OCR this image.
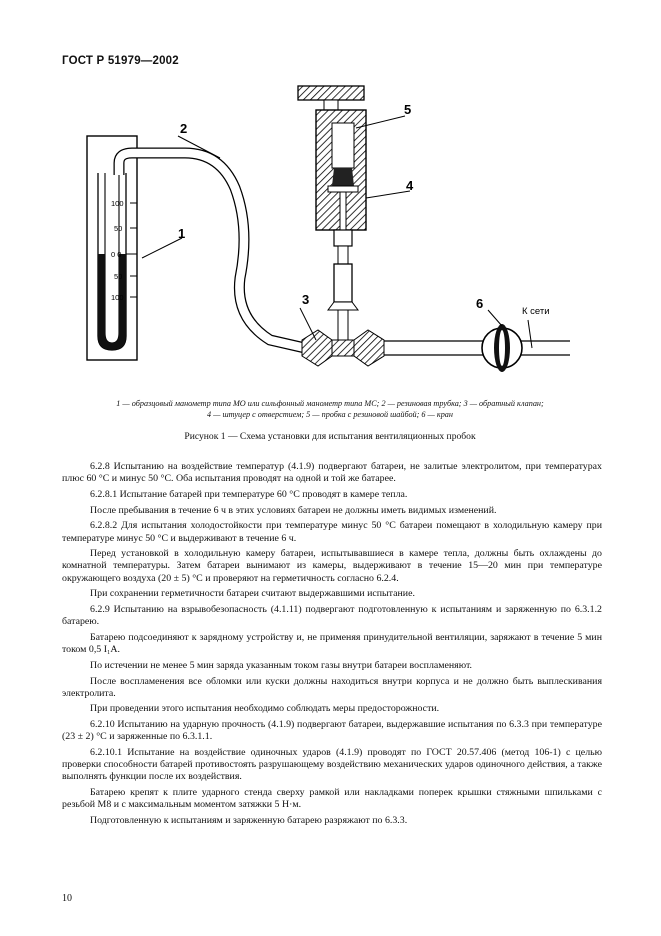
ГОСТ Р 51979—2002
100
50
0 0
50
100
1
2
3
4
5
6
К сети
1 — образцовый манометр типа МО или сильфонный манометр типа МС; 2 — резиновая трубка; 3 — обратный клапан;
4 — штуцер с отверстием; 5 — пробка с резиновой шайбой; 6 — кран
Рисунок 1 — Схема установки для испытания вентиляционных пробок

6.2.8 Испытанию на воздействие температур (4.1.9) подвергают батареи, не залитые электролитом, при температурах плюс 60 °С и минус 50 °С. Оба испытания проводят на одной и той же батарее.

6.2.8.1 Испытание батарей при температуре 60 °С проводят в камере тепла.

После пребывания в течение 6 ч в этих условиях батареи не должны иметь видимых изменений.

6.2.8.2 Для испытания холодостойкости при температуре минус 50 °С батареи помещают в холодильную камеру при температуре минус 50 °С и выдерживают в течение 6 ч.

Перед установкой в холодильную камеру батареи, испытывавшиеся в камере тепла, должны быть охлаждены до комнатной температуры. Затем батареи вынимают из камеры, выдерживают в течение 15—20 мин при температуре окружающего воздуха (20 ± 5) °С и проверяют на герметичность согласно 6.2.4.

При сохранении герметичности батареи считают выдержавшими испытание.

6.2.9 Испытанию на взрывобезопасность (4.1.11) подвергают подготовленную к испытаниям и заряженную по 6.3.1.2 батарею.

Батарею подсоединяют к зарядному устройству и, не применяя принудительной вентиляции, заряжают в течение 5 мин током 0,5 I₁А.

По истечении не менее 5 мин заряда указанным током газы внутри батареи воспламеняют.

После воспламенения все обломки или куски должны находиться внутри корпуса и не должно быть выплескивания электролита.

При проведении этого испытания необходимо соблюдать меры предосторожности.

6.2.10 Испытанию на ударную прочность (4.1.9) подвергают батареи, выдержавшие испытания по 6.3.3 при температуре (23 ± 2) °С и заряженные по 6.3.1.1.

6.2.10.1 Испытание на воздействие одиночных ударов (4.1.9) проводят по ГОСТ 20.57.406 (метод 106-1) с целью проверки способности батарей противостоять разрушающему воздействию механических ударов одиночного действия, а также выполнять функции после их воздействия.

Батарею крепят к плите ударного стенда сверху рамкой или накладками поперек крышки стяжными шпильками с резьбой М8 и с максимальным моментом затяжки 5 Н·м.

Подготовленную к испытаниям и заряженную батарею разряжают по 6.3.3.

10
